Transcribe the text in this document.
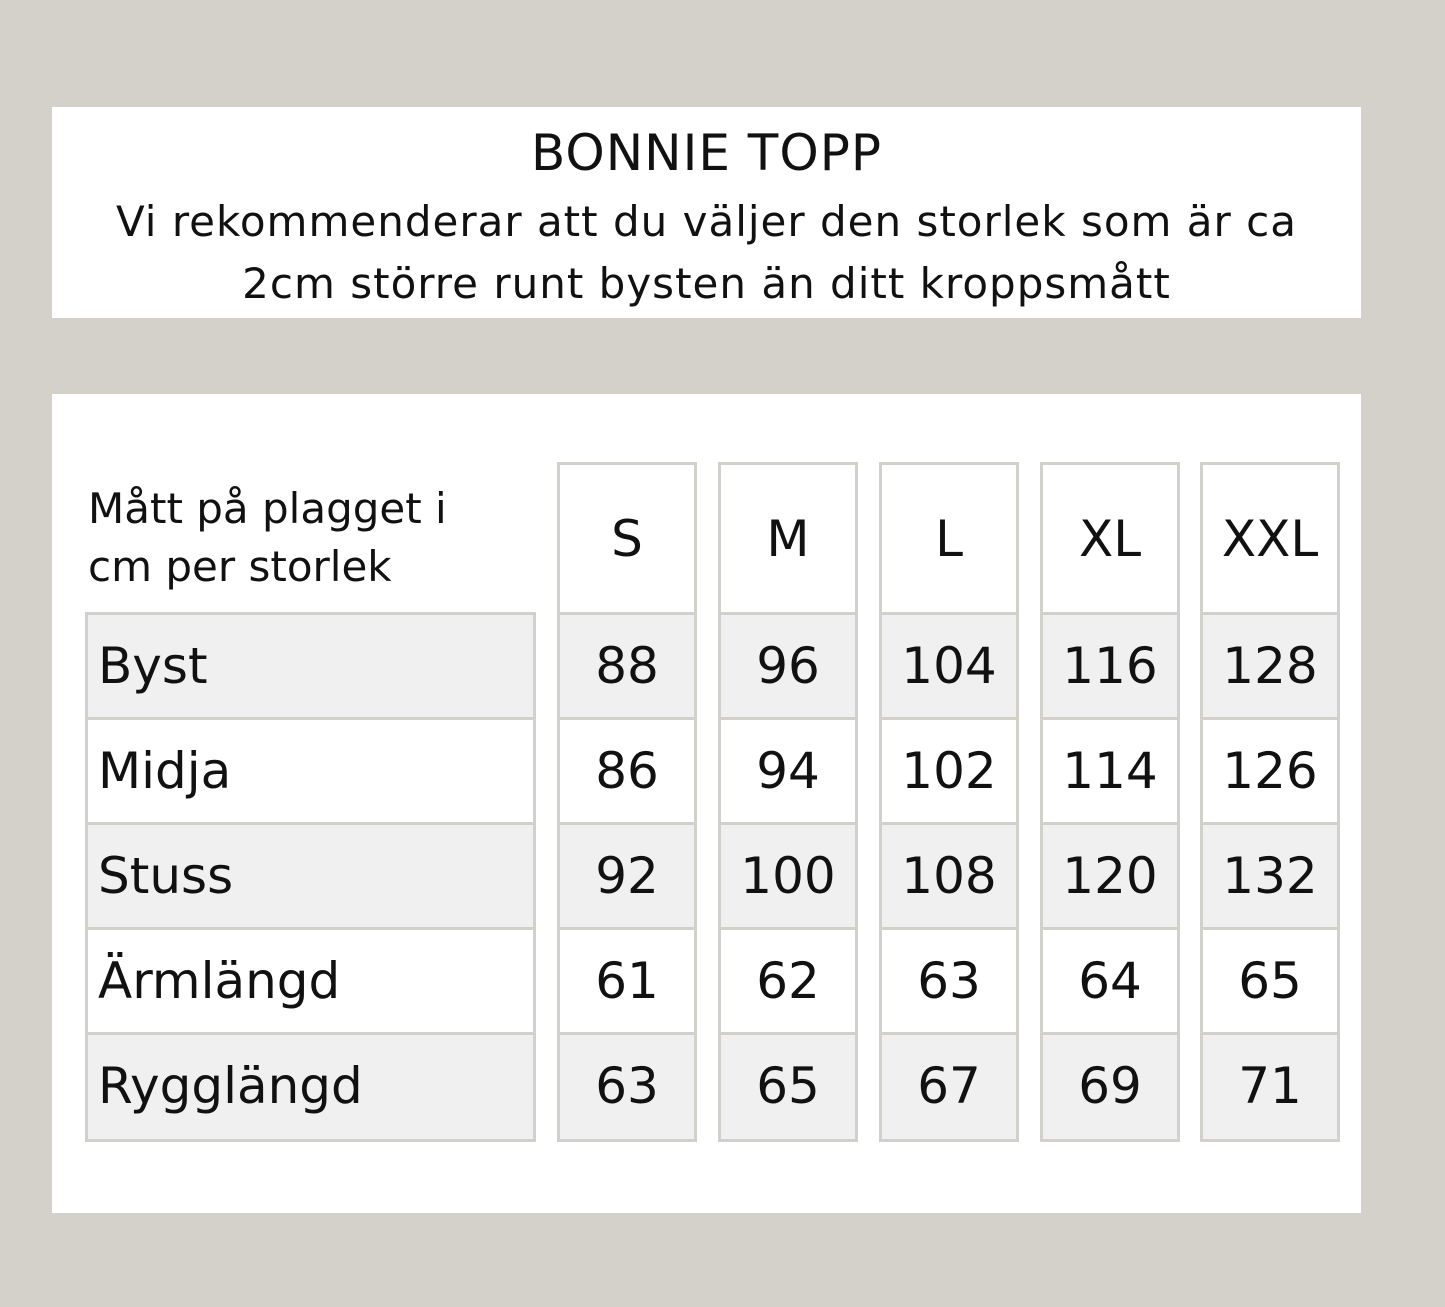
BONNIE TOPP
Vi rekommenderar att du väljer den storlek som är ca 2cm större runt bysten än ditt kroppsmått
Mått på plagget i cm per storlek
Byst
Midja
Stuss
Ärmlängd
Rygglängd
S
88
86
92
61
63
M
96
94
100
62
65
L
104
102
108
63
67
XL
116
114
120
64
69
XXL
128
126
132
65
71
